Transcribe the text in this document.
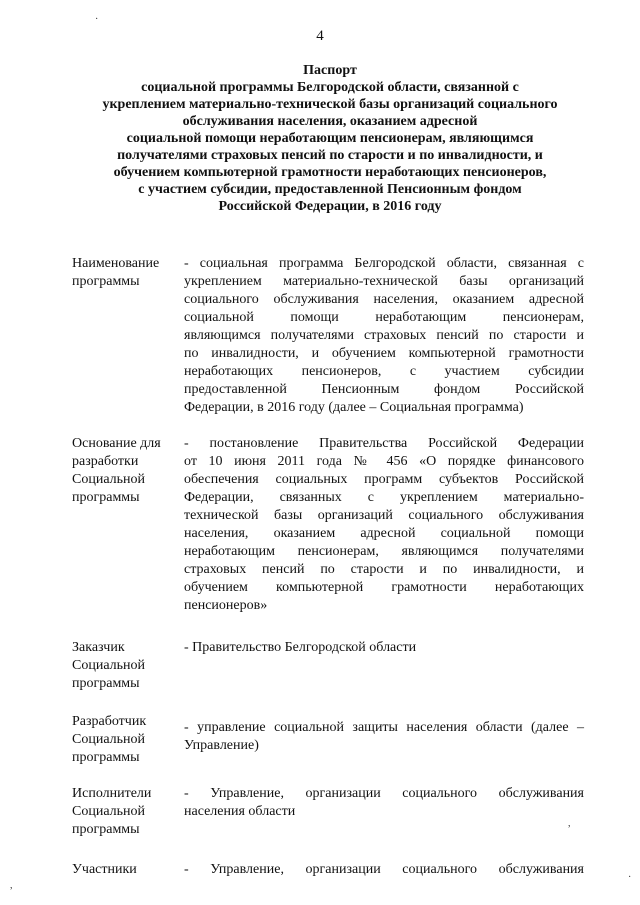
4
Паспорт
социальной программы Белгородской области, связанной с
укреплением материально-технической базы организаций социального
обслуживания населения, оказанием адресной
социальной помощи неработающим пенсионерам, являющимся
получателями страховых пенсий по старости и по инвалидности, и
обучением компьютерной грамотности неработающих пенсионеров,
с участием субсидии, предоставленной Пенсионным фондом
Российской Федерации, в 2016 году
Наименование
программы
- социальная программа Белгородской области, связанная с
укреплением материально-технической базы организаций
социального обслуживания населения, оказанием адресной
социальной помощи неработающим пенсионерам,
являющимся получателями страховых пенсий по старости и
по инвалидности, и обучением компьютерной грамотности
неработающих пенсионеров, с участием субсидии
предоставленной Пенсионным фондом Российской
Федерации, в 2016 году (далее – Социальная программа)
Основание для
разработки
Социальной
программы
- постановление Правительства Российской Федерации
от 10 июня 2011 года № 456 «О порядке финансового
обеспечения социальных программ субъектов Российской
Федерации, связанных с укреплением материально-
технической базы организаций социального обслуживания
населения, оказанием адресной социальной помощи
неработающим пенсионерам, являющимся получателями
страховых пенсий по старости и по инвалидности, и
обучением компьютерной грамотности неработающих
пенсионеров»
Заказчик
Социальной
программы
- Правительство Белгородской области
Разработчик
Социальной
программы
- управление социальной защиты населения области (далее –
Управление)
Исполнители
Социальной
программы
- Управление, организации социального обслуживания
населения области
Участники	- Управление, организации социального обслуживания
·
,
,
·
